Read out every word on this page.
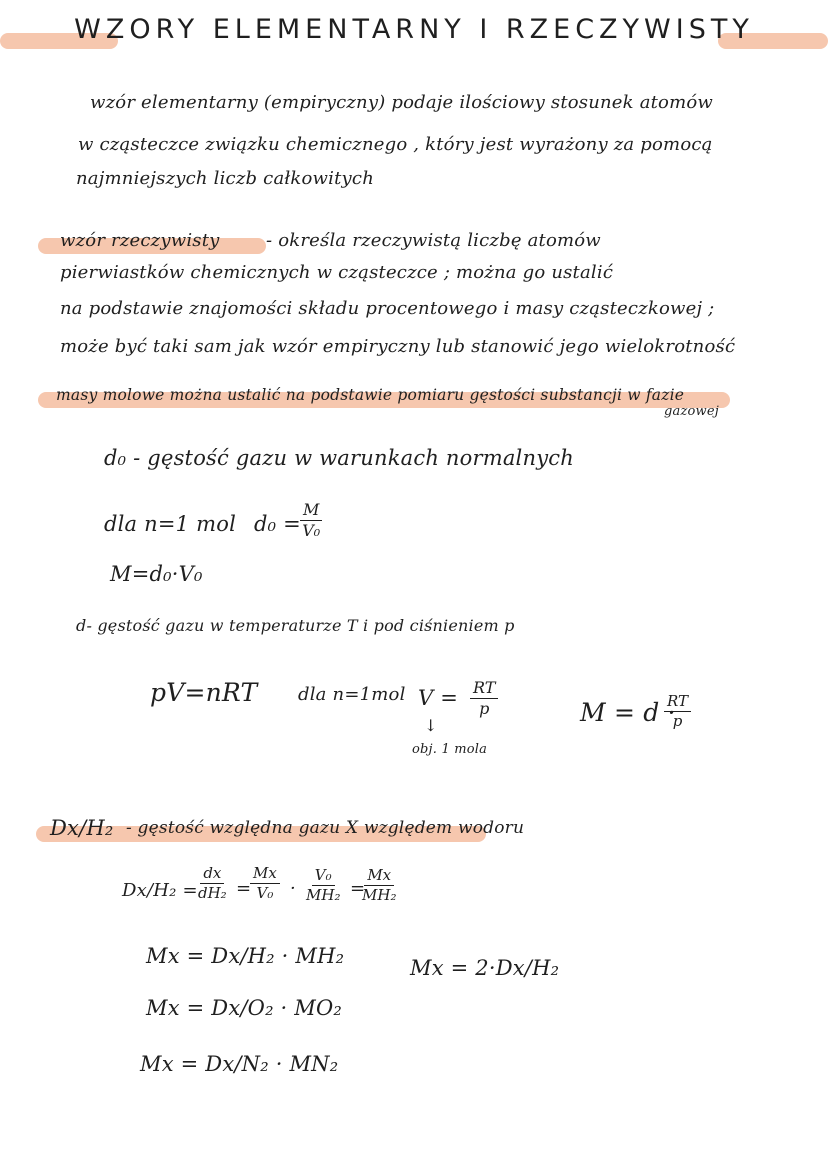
WZORY ELEMENTARNY I RZECZYWISTY
wzór elementarny (empiryczny) podaje ilościowy stosunek atomów
w cząsteczce związku chemicznego , który jest wyrażony za pomocą
najmniejszych liczb całkowitych
wzór rzeczywisty	- określa rzeczywistą liczbę atomów
pierwiastków chemicznych w cząsteczce ; można go ustalić
na podstawie znajomości składu procentowego i masy cząsteczkowej ;
może być taki sam jak wzór empiryczny lub stanowić jego wielokrotność
masy molowe można ustalić na podstawie pomiaru gęstości substancji w fazie
gazowej
d₀ - gęstość gazu w warunkach normalnych
dla n=1 mol $d_0 = \frac{M}{\text{V₀}}$
M=d₀·V₀
d- gęstość gazu w temperaturze T i pod ciśnieniem p
pV=nRT dla n=1mol $V = \frac{RT}{p}$
↓
obj. 1 mola
M = d ·
$\frac{RT}{p}$
Dx/H₂ - gęstość względna gazu X względem wodoru
$Dx/H_2 = \frac{dx}{\text{dH₂}}$ =
$\frac{Mx}{\text{V₀}} \cdot \frac{\text{V₀}}{\text{MH₂}}$ =
$\frac{Mx}{\text{MH₂}}$
Mx = Dx/H₂ · MH₂	Mx = 2·Dx/H₂
Mx = Dx/O₂ · MO₂
Mx = Dx/N₂ · MN₂
